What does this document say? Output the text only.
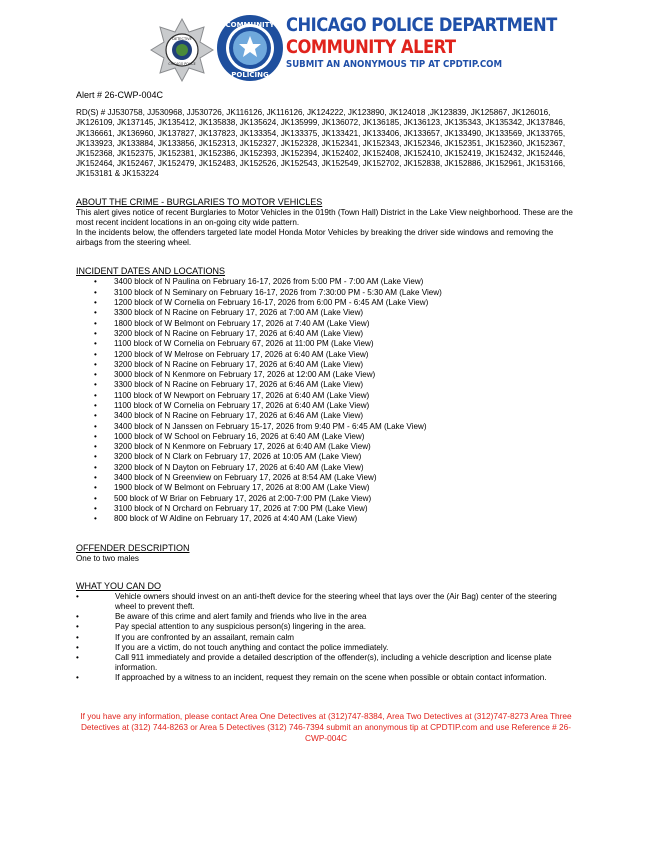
DETECTIVE
CHICAGO POLICE
COMMUNITY
POLICING
CHICAGO POLICE DEPARTMENT
COMMUNITY ALERT
SUBMIT AN ANONYMOUS TIP AT CPDTIP.COM
Alert # 26-CWP-004C
RD(S) # JJ530758, JJ530968, JJ530726, JK116126, JK116126, JK124222, JK123890, JK124018 ,JK123839, JK125867, JK126016, JK126109, JK137145, JK135412, JK135838, JK135624, JK135999, JK136072, JK136185, JK136123, JK135343, JK135342, JK137846, JK136661, JK136960, JK137827, JK137823, JK133354, JK133375, JK133421, JK133406, JK133657, JK133490, JK133569, JK133765, JK133923, JK133884, JK133856, JK152313, JK152327, JK152328, JK152341, JK152343, JK152346, JK152351, JK152360, JK152367, JK152368, JK152375, JK152381, JK152386, JK152393, JK152394, JK152402, JK152408, JK152410, JK152419, JK152432, JK152446, JK152464, JK152467, JK152479, JK152483, JK152526, JK152543, JK152549, JK152702, JK152838, JK152886, JK152961, JK153166, JK153181 & JK153224
ABOUT THE CRIME - BURGLARIES TO MOTOR VEHICLES
This alert gives notice of recent Burglaries to Motor Vehicles in the 019th (Town Hall) District in the Lake View neighborhood. These are the most recent incident locations in an on-going city wide pattern.
In the incidents below, the offenders targeted late model Honda Motor Vehicles by breaking the driver side windows and removing the airbags from the steering wheel.
INCIDENT DATES AND LOCATIONS
• 3400 block of N Paulina on February 16-17, 2026 from 5:00 PM - 7:00 AM (Lake View)
• 3100 block of N Seminary on February 16-17, 2026 from 7:30:00 PM - 5:30 AM (Lake View)
• 1200 block of W Cornelia on February 16-17, 2026 from 6:00 PM - 6:45 AM (Lake View)
• 3300 block of N Racine on February 17, 2026 at 7:00 AM (Lake View)
• 1800 block of W Belmont on February 17, 2026 at 7:40 AM (Lake View)
• 3200 block of N Racine on February 17, 2026 at 6:40 AM (Lake View)
• 1100 block of W Cornelia on February 67, 2026 at 11:00 PM (Lake View)
• 1200 block of W Melrose on February 17, 2026 at 6:40 AM (Lake View)
• 3200 block of N Racine on February 17, 2026 at 6:40 AM (Lake View)
• 3000 block of N Kenmore on February 17, 2026 at 12:00 AM (Lake View)
• 3300 block of N Racine on February 17, 2026 at 6:46 AM (Lake View)
• 1100 block of W Newport on February 17, 2026 at 6:40 AM (Lake View)
• 1100 block of W Cornelia on February 17, 2026 at 6:40 AM (Lake View)
• 3400 block of N Racine on February 17, 2026 at 6:46 AM (Lake View)
• 3400 block of N Janssen on February 15-17, 2026 from 9:40 PM - 6:45 AM (Lake View)
• 1000 block of W School on February 16, 2026 at 6:40 AM (Lake View)
• 3200 block of N Kenmore on February 17, 2026 at 6:40 AM (Lake View)
• 3200 block of N Clark on February 17, 2026 at 10:05 AM (Lake View)
• 3200 block of N Dayton on February 17, 2026 at 6:40 AM (Lake View)
• 3400 block of N Greenview on February 17, 2026 at 8:54 AM (Lake View)
• 1900 block of W Belmont on February 17, 2026 at 8:00 AM (Lake View)
• 500 block of W Briar on February 17, 2026 at 2:00-7:00 PM (Lake View)
• 3100 block of N Orchard on February 17, 2026 at 7:00 PM (Lake View)
• 800 block of W Aldine on February 17, 2026 at 4:40 AM (Lake View)
OFFENDER DESCRIPTION
One to two males
WHAT YOU CAN DO
• Vehicle owners should invest on an anti-theft device for the steering wheel that lays over the (Air Bag) center of the steering wheel to prevent theft.
• Be aware of this crime and alert family and friends who live in the area
• Pay special attention to any suspicious person(s) lingering in the area.
• If you are confronted by an assailant, remain calm
• If you are a victim, do not touch anything and contact the police immediately.
• Call 911 immediately and provide a detailed description of the offender(s), including a vehicle description and license plate information.
• If approached by a witness to an incident, request they remain on the scene when possible or obtain contact information.
If you have any information, please contact Area One Detectives at (312)747-8384, Area Two Detectives at (312)747-8273 Area Three Detectives at (312) 744-8263 or Area 5 Detectives (312) 746-7394 submit an anonymous tip at CPDTIP.com and use Reference # 26-CWP-004C
